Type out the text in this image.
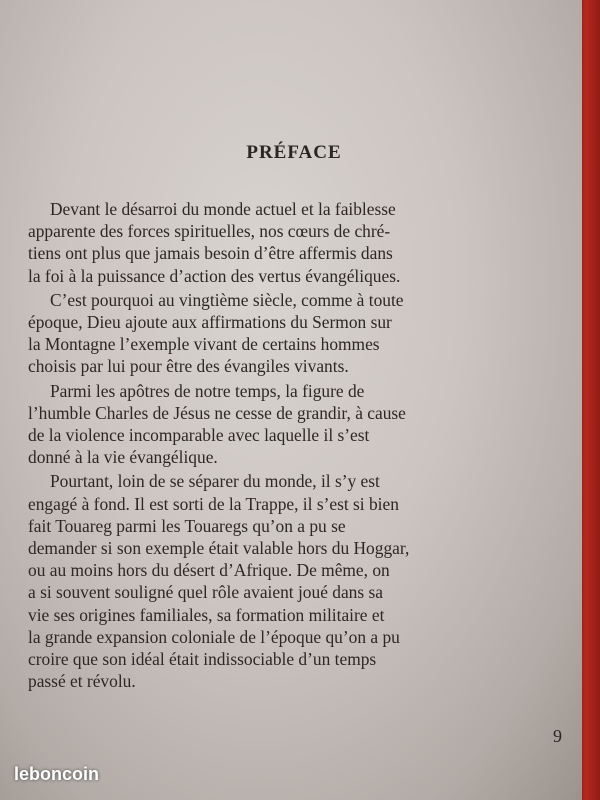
PRÉFACE
Devant le désarroi du monde actuel et la faiblesse
apparente des forces spirituelles, nos cœurs de chré-
tiens ont plus que jamais besoin d’être affermis dans
la foi à la puissance d’action des vertus évangéliques.
C’est pourquoi au vingtième siècle, comme à toute
époque, Dieu ajoute aux affirmations du Sermon sur
la Montagne l’exemple vivant de certains hommes
choisis par lui pour être des évangiles vivants.
Parmi les apôtres de notre temps, la figure de
l’humble Charles de Jésus ne cesse de grandir, à cause
de la violence incomparable avec laquelle il s’est
donné à la vie évangélique.
Pourtant, loin de se séparer du monde, il s’y est
engagé à fond. Il est sorti de la Trappe, il s’est si bien
fait Touareg parmi les Touaregs qu’on a pu se
demander si son exemple était valable hors du Hoggar,
ou au moins hors du désert d’Afrique. De même, on
a si souvent souligné quel rôle avaient joué dans sa
vie ses origines familiales, sa formation militaire et
la grande expansion coloniale de l’époque qu’on a pu
croire que son idéal était indissociable d’un temps
passé et révolu.
9
leboncoin
